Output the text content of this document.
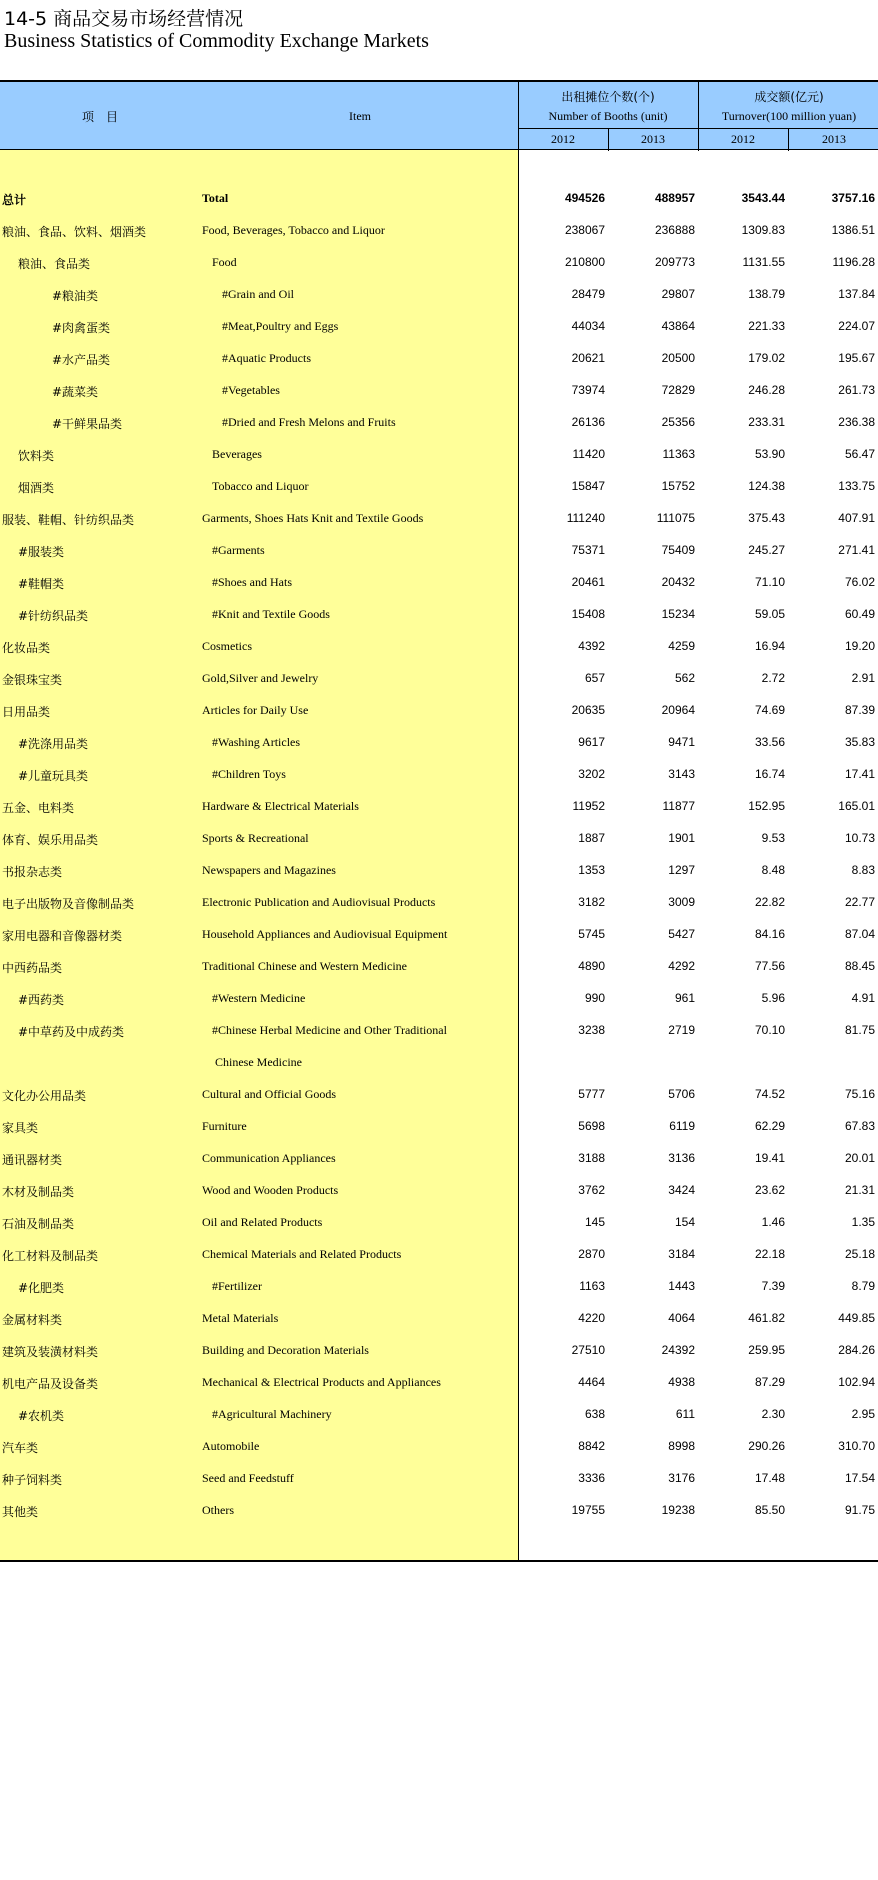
14-5 商品交易市场经营情况
Business Statistics of Commodity Exchange Markets
项　目	Item
出租摊位个数(个)
Number of Booths (unit)
成交额(亿元)
Turnover(100 million yuan)
2012	2013	2012	2013
总计	Total	494526	488957	3543.44	3757.16
粮油、食品、饮料、烟酒类	Food, Beverages, Tobacco and Liquor	238067	236888	1309.83	1386.51
粮油、食品类	Food	210800	209773	1131.55	1196.28
#粮油类	#Grain and Oil	28479	29807	138.79	137.84
#肉禽蛋类	#Meat,Poultry and Eggs	44034	43864	221.33	224.07
#水产品类	#Aquatic Products	20621	20500	179.02	195.67
#蔬菜类	#Vegetables	73974	72829	246.28	261.73
#干鲜果品类	#Dried and Fresh Melons and Fruits	26136	25356	233.31	236.38
饮料类	Beverages	11420	11363	53.90	56.47
烟酒类	Tobacco and Liquor	15847	15752	124.38	133.75
服装、鞋帽、针纺织品类	Garments, Shoes Hats Knit and Textile Goods	111240	111075	375.43	407.91
#服装类	#Garments	75371	75409	245.27	271.41
#鞋帽类	#Shoes and Hats	20461	20432	71.10	76.02
#针纺织品类	#Knit and Textile Goods	15408	15234	59.05	60.49
化妆品类	Cosmetics	4392	4259	16.94	19.20
金银珠宝类	Gold,Silver and Jewelry	657	562	2.72	2.91
日用品类	Articles for Daily Use	20635	20964	74.69	87.39
#洗涤用品类	#Washing Articles	9617	9471	33.56	35.83
#儿童玩具类	#Children Toys	3202	3143	16.74	17.41
五金、电料类	Hardware & Electrical Materials	11952	11877	152.95	165.01
体育、娱乐用品类	Sports & Recreational	1887	1901	9.53	10.73
书报杂志类	Newspapers and Magazines	1353	1297	8.48	8.83
电子出版物及音像制品类	Electronic Publication and Audiovisual Products	3182	3009	22.82	22.77
家用电器和音像器材类	Household Appliances and Audiovisual Equipment	5745	5427	84.16	87.04
中西药品类	Traditional Chinese and Western Medicine	4890	4292	77.56	88.45
#西药类	#Western Medicine	990	961	5.96	4.91
#中草药及中成药类	#Chinese Herbal Medicine and Other Traditional	3238	2719	70.10	81.75
Chinese Medicine
文化办公用品类	Cultural and Official Goods	5777	5706	74.52	75.16
家具类	Furniture	5698	6119	62.29	67.83
通讯器材类	Communication Appliances	3188	3136	19.41	20.01
木材及制品类	Wood and Wooden Products	3762	3424	23.62	21.31
石油及制品类	Oil and Related Products	145	154	1.46	1.35
化工材料及制品类	Chemical Materials and Related Products	2870	3184	22.18	25.18
#化肥类	#Fertilizer	1163	1443	7.39	8.79
金属材料类	Metal Materials	4220	4064	461.82	449.85
建筑及装潢材料类	Building and Decoration Materials	27510	24392	259.95	284.26
机电产品及设备类	Mechanical & Electrical Products and Appliances	4464	4938	87.29	102.94
#农机类	#Agricultural Machinery	638	611	2.30	2.95
汽车类	Automobile	8842	8998	290.26	310.70
种子饲料类	Seed and Feedstuff	3336	3176	17.48	17.54
其他类	Others	19755	19238	85.50	91.75
